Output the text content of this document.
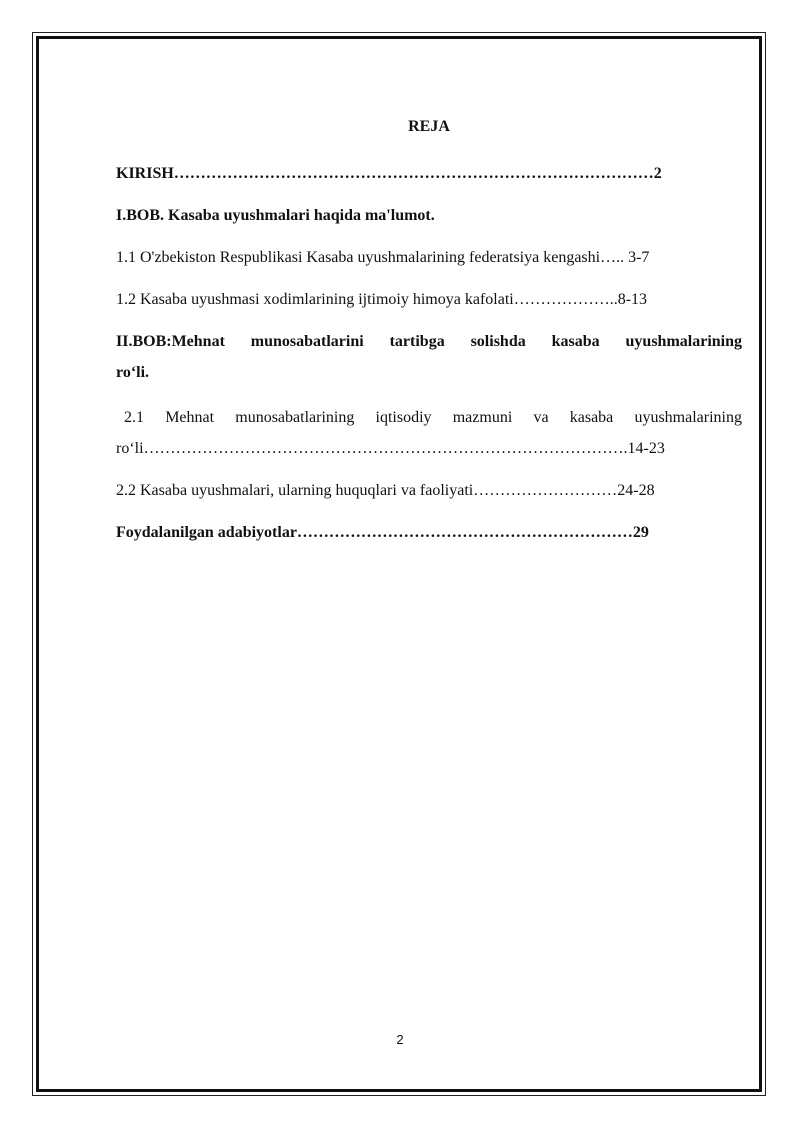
REJA
KIRISH………………………………………………………………………………2
I.BOB. Kasaba uyushmalari haqida ma'lumot.
1.1 O'zbekiston Respublikasi Kasaba uyushmalarining federatsiya kengashi….. 3-7
1.2 Kasaba uyushmasi xodimlarining ijtimoiy himoya kafolati………………..8-13
II.BOB:Mehnat munosabatlarini tartibga solishda kasaba uyushmalarining
ro‘li.
2.1 Mehnat munosabatlarining iqtisodiy mazmuni va kasaba uyushmalarining
ro‘li……………………………………………………………………………….14-23
2.2 Kasaba uyushmalari, ularning huquqlari va faoliyati………………………24-28
Foydalanilgan adabiyotlar………………………………………………………29
2
